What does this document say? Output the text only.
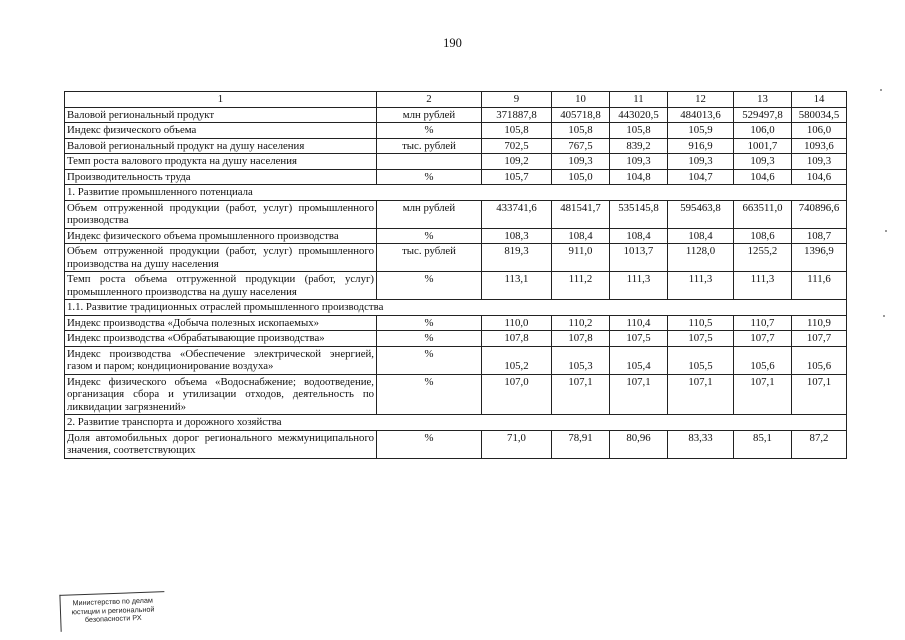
190
1	2	9	10	11	12	13	14
Валовой региональный продукт	млн рублей	371887,8	405718,8	443020,5	484013,6	529497,8	580034,5
Индекс физического объема	%	105,8	105,8	105,8	105,9	106,0	106,0
Валовой региональный продукт на душу населения	тыс. рублей	702,5	767,5	839,2	916,9	1001,7	1093,6
Темп роста валового продукта на душу населения		109,2	109,3	109,3	109,3	109,3	109,3
Производительность труда	%	105,7	105,0	104,8	104,7	104,6	104,6
1. Развитие промышленного потенциала							
Объем отгруженной продукции (работ, услуг) промышленного производства	млн рублей	433741,6	481541,7	535145,8	595463,8	663511,0	740896,6
Индекс физического объема промышленного производства	%	108,3	108,4	108,4	108,4	108,6	108,7
Объем отгруженной продукции (работ, услуг) промышленного производства на душу населения	тыс. рублей	819,3	911,0	1013,7	1128,0	1255,2	1396,9
Темп роста объема отгруженной продукции (работ, услуг) промышленного производства на душу населения	%	113,1	111,2	111,3	111,3	111,3	111,6
1.1. Развитие традиционных отраслей промышленного производства							
Индекс производства «Добыча полезных ископаемых»	%	110,0	110,2	110,4	110,5	110,7	110,9
Индекс производства «Обрабатывающие производства»	%	107,8	107,8	107,5	107,5	107,7	107,7
Индекс производства «Обеспечение электрической энергией, газом и паром; кондиционирование воздуха»	%	105,2	105,3	105,4	105,5	105,6	105,6
Индекс физического объема «Водоснабжение; водоотведение, организация сбора и утилизации отходов, деятельность по ликвидации загрязнений»	%	107,0	107,1	107,1	107,1	107,1	107,1
2. Развитие транспорта и дорожного хозяйства							
Доля автомобильных дорог регионального межмуниципального значения, соответствующих	%	71,0	78,91	80,96	83,33	85,1	87,2
Министерство по делам
юстиции и региональной
безопасности РХ
